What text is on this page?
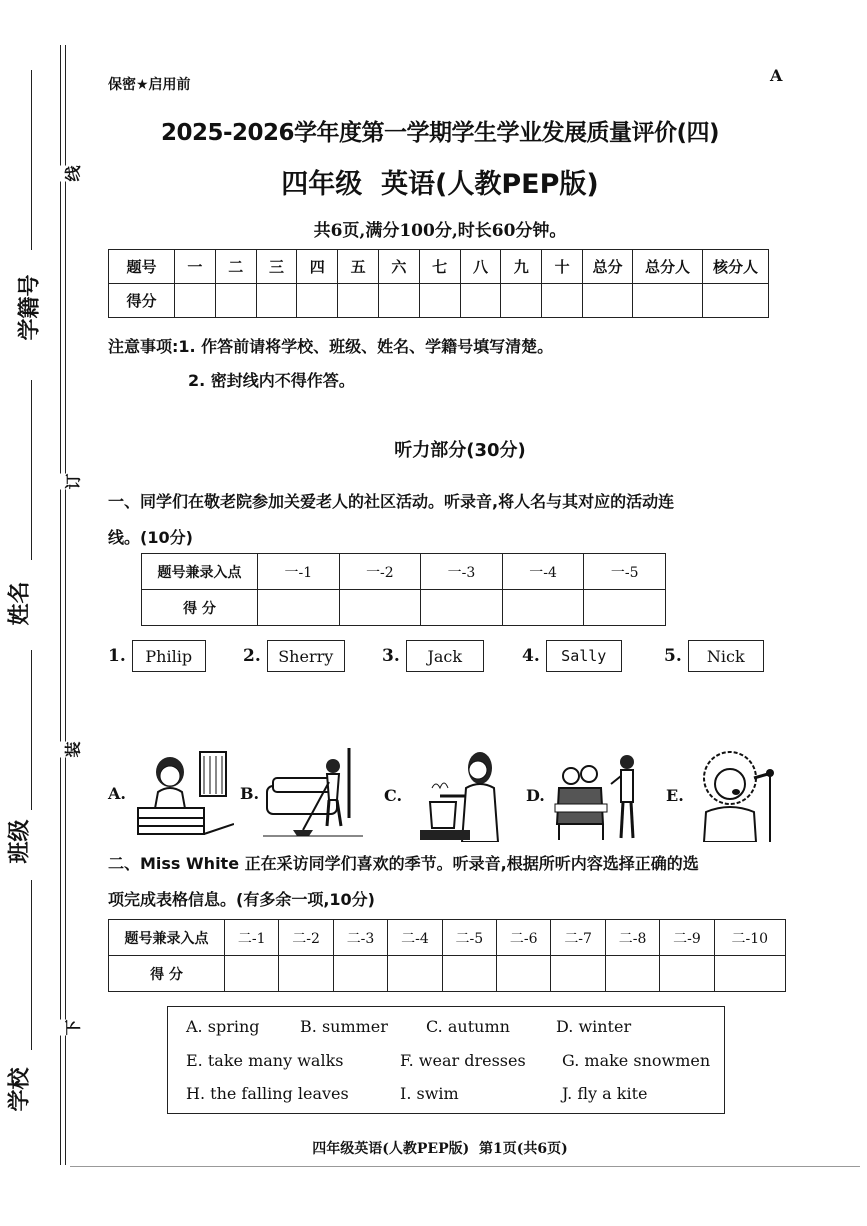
学籍号
姓名
班级
学校
线
订
装
下
保密★启用前	A
2025-2026学年度第一学期学生学业发展质量评价(四)
四年级  英语(人教PEP版)
共6页,满分100分,时长60分钟。
题号	一	二	三	四	五	六	七	八	九	十	总分	总分人	核分人
得分													
注意事项:1. 作答前请将学校、班级、姓名、学籍号填写清楚。
2. 密封线内不得作答。
听力部分(30分)
一、同学们在敬老院参加关爱老人的社区活动。听录音,将人名与其对应的活动连
线。(10分)
题号兼录入点	一-1	一-2	一-3	一-4	一-5
得 分					
1.	Philip	2.	Sherry	3.	Jack	4.	Sally	5.	Nick
A.	B.	C.	D.	E.
二、Miss White 正在采访同学们喜欢的季节。听录音,根据所听内容选择正确的选
项完成表格信息。(有多余一项,10分)
题号兼录入点	二-1	二-2	二-3	二-4	二-5	二-6	二-7	二-8	二-9	二-10
得 分										
A. spring	B. summer C. autumn	D. winter
E. take many walks	F. wear dresses G. make snowmen
H. the falling leaves	I. swim	J. fly a kite
四年级英语(人教PEP版)  第1页(共6页)
